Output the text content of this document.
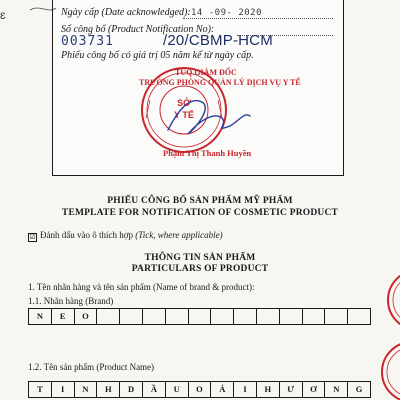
ɛ	Ngày cấp (Date acknowledged): 14 -09- 2020
Số công bố (Product Notification No):
003731	/20/CBMP-HCM
Phiếu công bố có giá trị 05 năm kể từ ngày cấp.
TUQ.GIÁM ĐỐC
TRƯỞNG PHÒNG QUẢN LÝ DỊCH VỤ Y TẾ
Phạm Thị Thanh Huyền
SỞ
Y TẾ
PHIẾU CÔNG BỐ SẢN PHẨM MỸ PHẨM
TEMPLATE FOR NOTIFICATION OF COSMETIC PRODUCT
☑ Đánh dấu vào ô thích hợp (Tick, where applicable)
THÔNG TIN SẢN PHẨM
PARTICULARS OF PRODUCT
1. Tên nhãn hàng và tên sản phẩm (Name of brand & product):
1.1. Nhãn hàng (Brand)
N	E	O
1.2. Tên sản phẩm (Product Name)
T	I	N	H	D	Ầ	U	O	Ả	I	H	Ư	Ơ	N	G
